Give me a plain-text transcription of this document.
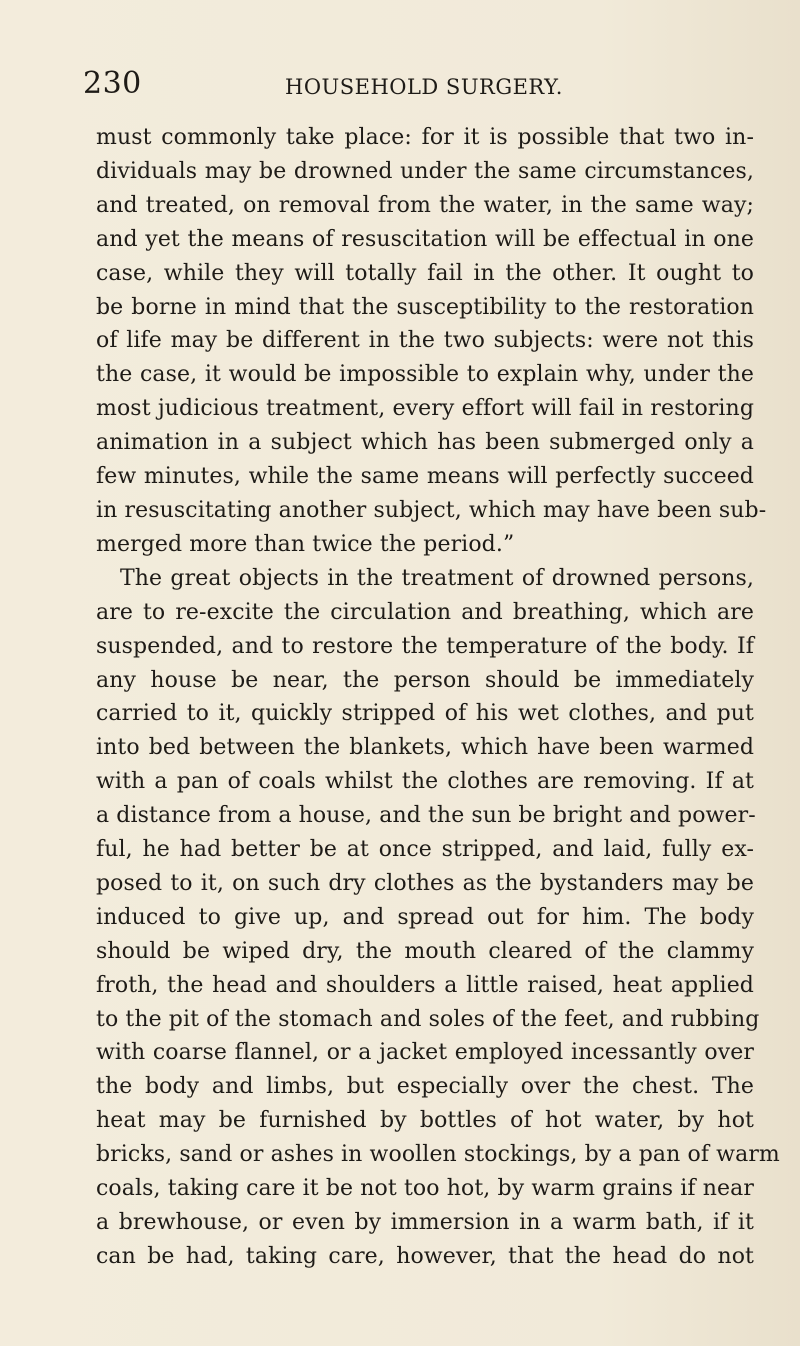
230	HOUSEHOLD SURGERY.
must commonly take place: for it is possible that two in-
dividuals may be drowned under the same circumstances,
and treated, on removal from the water, in the same way;
and yet the means of resuscitation will be effectual in one
case, while they will totally fail in the other. It ought to
be borne in mind that the susceptibility to the restoration
of life may be different in the two subjects: were not this
the case, it would be impossible to explain why, under the
most judicious treatment, every effort will fail in restoring
animation in a subject which has been submerged only a
few minutes, while the same means will perfectly succeed
in resuscitating another subject, which may have been sub-
merged more than twice the period.”
The great objects in the treatment of drowned persons,
are to re-excite the circulation and breathing, which are
suspended, and to restore the temperature of the body. If
any house be near, the person should be immediately
carried to it, quickly stripped of his wet clothes, and put
into bed between the blankets, which have been warmed
with a pan of coals whilst the clothes are removing. If at
a distance from a house, and the sun be bright and power-
ful, he had better be at once stripped, and laid, fully ex-
posed to it, on such dry clothes as the bystanders may be
induced to give up, and spread out for him. The body
should be wiped dry, the mouth cleared of the clammy
froth, the head and shoulders a little raised, heat applied
to the pit of the stomach and soles of the feet, and rubbing
with coarse flannel, or a jacket employed incessantly over
the body and limbs, but especially over the chest. The
heat may be furnished by bottles of hot water, by hot
bricks, sand or ashes in woollen stockings, by a pan of warm
coals, taking care it be not too hot, by warm grains if near
a brewhouse, or even by immersion in a warm bath, if it
can be had, taking care, however, that the head do not
